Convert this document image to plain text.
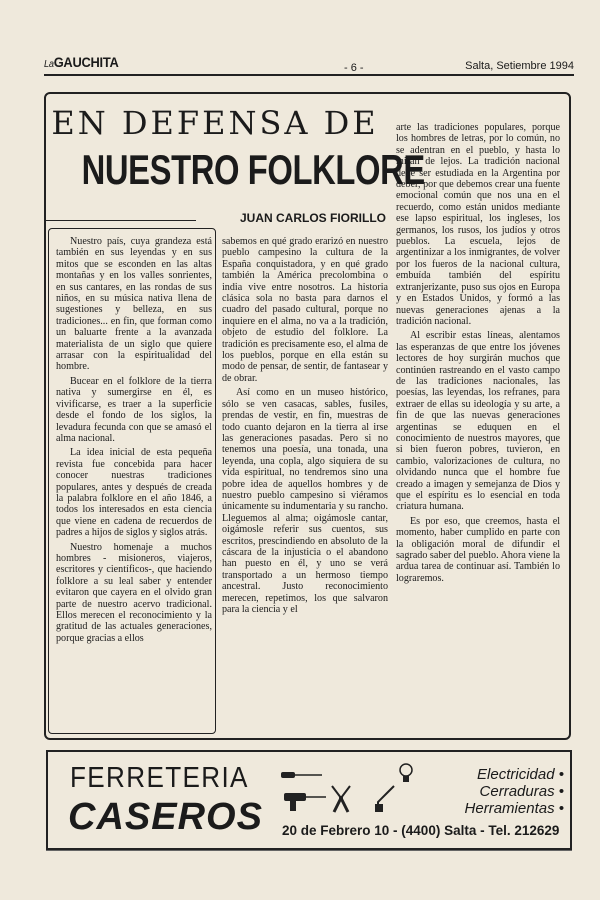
LaGAUCHITA	- 6 -	Salta, Setiembre 1994
EN DEFENSA DE
NUESTRO FOLKLORE
JUAN CARLOS FIORILLO

Nuestro país, cuya grandeza está también en sus leyendas y en sus mitos que se esconden en las altas montañas y en los valles sonrientes, en sus cantares, en las rondas de sus niños, en su música nativa llena de sugestiones y belleza, en sus tradiciones... en fin, que forman como un baluarte frente a la avanzada materialista de un siglo que quiere arrasar con la espiritualidad del hombre.

Bucear en el folklore de la tierra nativa y sumergirse en él, es vivificarse, es traer a la superficie desde el fondo de los siglos, la levadura fecunda con que se amasó el alma nacional.

La idea inicial de esta pequeña revista fue concebida para hacer conocer nuestras tradiciones populares, antes y después de creada la palabra folklore en el año 1846, a todos los interesados en esta ciencia que viene en cadena de recuerdos de padres a hijos de siglos y siglos atrás.

Nuestro homenaje a muchos hombres - misioneros, viajeros, escritores y científicos-, que haciendo folklore a su leal saber y entender evitaron que cayera en el olvido gran parte de nuestro acervo tradicional. Ellos merecen el reconocimiento y la gratitud de las actuales generaciones, porque gracias a ellos

sabemos en qué grado erarizó en nuestro pueblo campesino la cultura de la España conquistadora, y en qué grado también la América precolombina o india vive entre nosotros. La historia clásica sola no basta para darnos el cuadro del pasado cultural, porque no inquiere en el alma, no va a la tradición, objeto de estudio del folklore. La tradición es precisamente eso, el alma de los pueblos, porque en ella están su modo de pensar, de sentir, de fantasear y de obrar.

Así como en un museo histórico, sólo se ven casacas, sables, fusiles, prendas de vestir, en fin, muestras de todo cuanto dejaron en la tierra al irse las generaciones pasadas. Pero si no tenemos una poesía, una tonada, una leyenda, una copla, algo siquiera de su vida espiritual, no tendremos sino una pobre idea de aquellos hombres y de nuestro pueblo campesino si viéramos únicamente su indumentaria y su rancho. Lleguemos al alma; oigámosle cantar, oigámosle referir sus cuentos, sus escritos, prescindiendo en absoluto de la cáscara de la injusticia o el abandono han puesto en él, y uno se verá transportado a un hermoso tiempo ancestral. Justo reconocimiento merecen, repetimos, los que salvaron para la ciencia y el

arte las tradiciones populares, porque los hombres de letras, por lo común, no se adentran en el pueblo, y hasta lo miran de lejos. La tradición nacional debe ser estudiada en la Argentina por deber, por que debemos crear una fuente emocional común que nos una en el recuerdo, como están unidos mediante ese lapso espiritual, los ingleses, los germanos, los rusos, los judíos y otros pueblos. La escuela, lejos de argentinizar a los inmigrantes, de volver por los fueros de la nacional cultura, embuída también del espíritu extranjerizante, puso sus ojos en Europa y en Estados Unidos, y formó a las nuevas generaciones ajenas a la tradición nacional.

Al escribir estas líneas, alentamos las esperanzas de que entre los jóvenes lectores de hoy surgirán muchos que continúen rastreando en el vasto campo de las tradiciones nacionales, las poesías, las leyendas, los refranes, para extraer de ellas su ideología y su arte, a fin de que las nuevas generaciones argentinas se eduquen en el conocimiento de nuestros mayores, que si bien fueron pobres, tuvieron, en cambio, valorizaciones de cultura, no olvidando nunca que el hombre fue creado a imagen y semejanza de Dios y que el espíritu es lo esencial en toda criatura humana.

Es por eso, que creemos, hasta el momento, haber cumplido en parte con la obligación moral de difundir el sagrado saber del pueblo. Ahora viene la ardua tarea de continuar así. También lo lograremos.

FERRETERIA
CASEROS 20 de Febrero 10 - (4400) Salta - Tel. 212629
Electricidad •
Cerraduras •
Herramientas •
